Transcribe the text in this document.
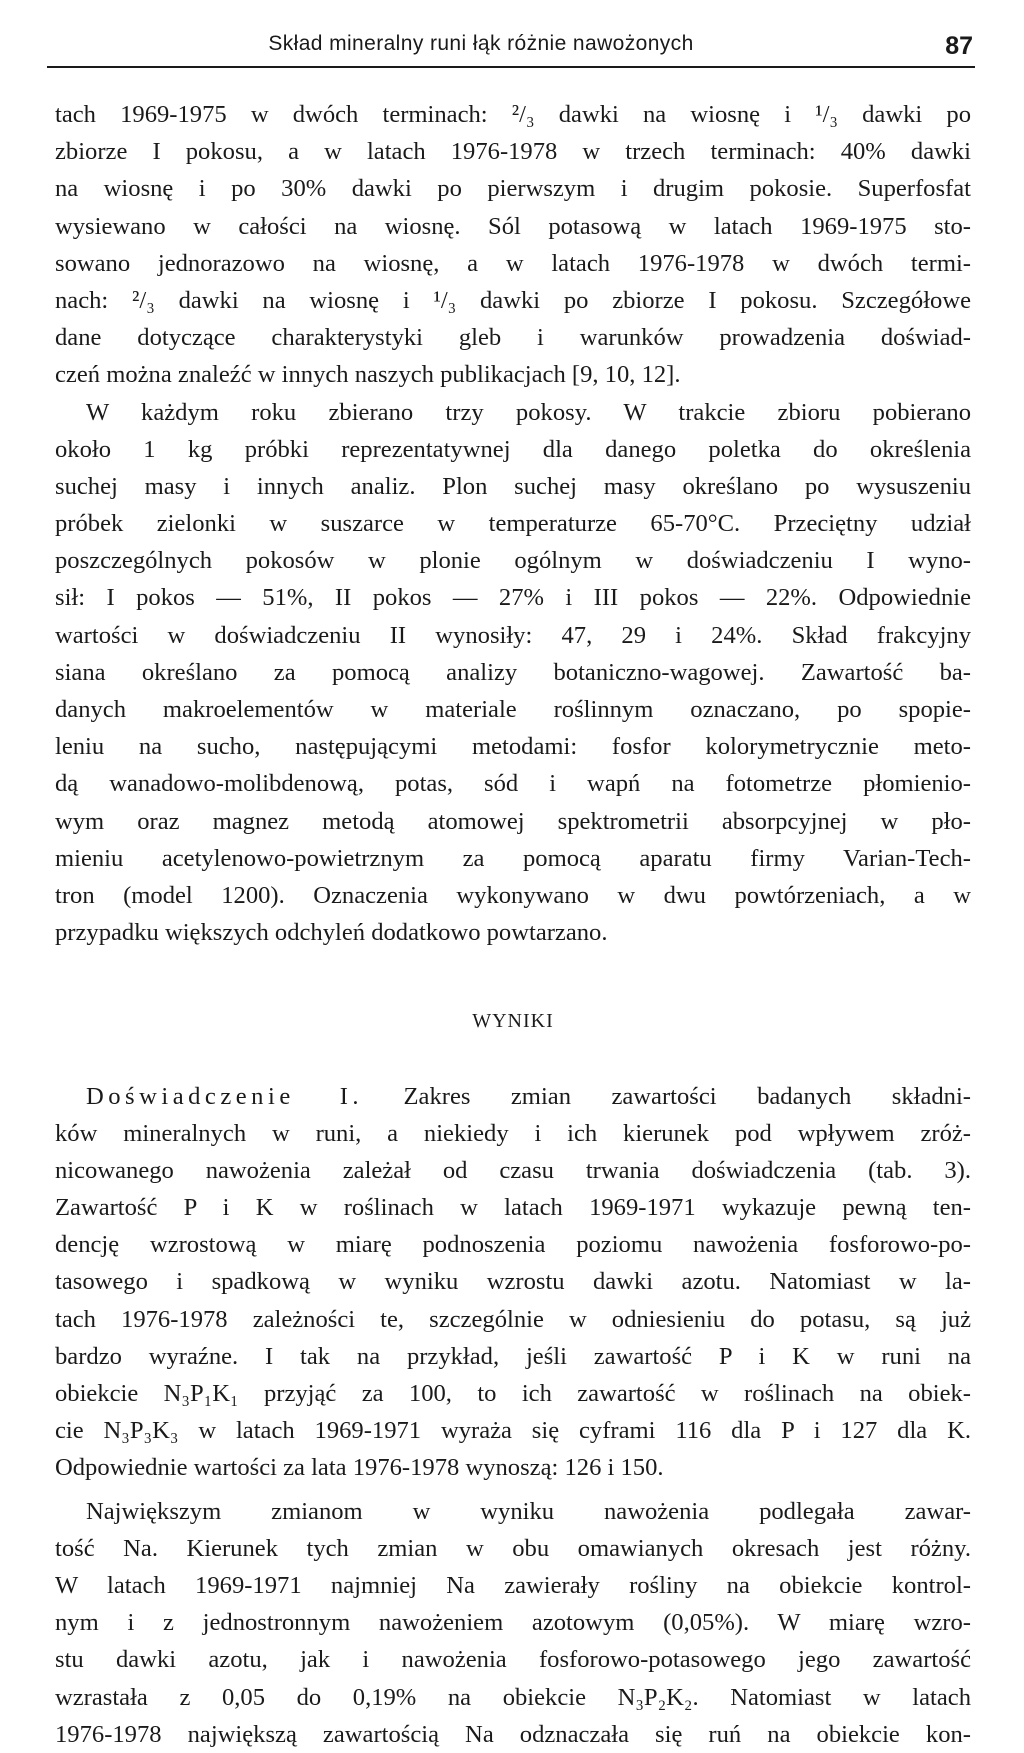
Skład mineralny runi łąk różnie nawożonych	87
tach 1969-1975 w dwóch terminach: ²/₃ dawki na wiosnę i ¹/₃ dawki po
zbiorze I pokosu, a w latach 1976-1978 w trzech terminach: 40% dawki
na wiosnę i po 30% dawki po pierwszym i drugim pokosie. Superfosfat
wysiewano w całości na wiosnę. Sól potasową w latach 1969-1975 sto-
sowano jednorazowo na wiosnę, a w latach 1976-1978 w dwóch termi-
nach: ²/₃ dawki na wiosnę i ¹/₃ dawki po zbiorze I pokosu. Szczegółowe
dane dotyczące charakterystyki gleb i warunków prowadzenia doświad-
czeń można znaleźć w innych naszych publikacjach [9, 10, 12].
W każdym roku zbierano trzy pokosy. W trakcie zbioru pobierano
około 1 kg próbki reprezentatywnej dla danego poletka do określenia
suchej masy i innych analiz. Plon suchej masy określano po wysuszeniu
próbek zielonki w suszarce w temperaturze 65-70°C. Przeciętny udział
poszczególnych pokosów w plonie ogólnym w doświadczeniu I wyno-
sił: I pokos — 51%, II pokos — 27% i III pokos — 22%. Odpowiednie
wartości w doświadczeniu II wynosiły: 47, 29 i 24%. Skład frakcyjny
siana określano za pomocą analizy botaniczno-wagowej. Zawartość ba-
danych makroelementów w materiale roślinnym oznaczano, po spopie-
leniu na sucho, następującymi metodami: fosfor kolorymetrycznie meto-
dą wanadowo-molibdenową, potas, sód i wapń na fotometrze płomienio-
wym oraz magnez metodą atomowej spektrometrii absorpcyjnej w pło-
mieniu acetylenowo-powietrznym za pomocą aparatu firmy Varian-Tech-
tron (model 1200). Oznaczenia wykonywano w dwu powtórzeniach, a w
przypadku większych odchyleń dodatkowo powtarzano.
WYNIKI
Doświadczenie I. Zakres zmian zawartości badanych składni-
ków mineralnych w runi, a niekiedy i ich kierunek pod wpływem zróż-
nicowanego nawożenia zależał od czasu trwania doświadczenia (tab. 3).
Zawartość P i K w roślinach w latach 1969-1971 wykazuje pewną ten-
dencję wzrostową w miarę podnoszenia poziomu nawożenia fosforowo-po-
tasowego i spadkową w wyniku wzrostu dawki azotu. Natomiast w la-
tach 1976-1978 zależności te, szczególnie w odniesieniu do potasu, są już
bardzo wyraźne. I tak na przykład, jeśli zawartość P i K w runi na
obiekcie N₃P₁K₁ przyjąć za 100, to ich zawartość w roślinach na obiek-
cie N₃P₃K₃ w latach 1969-1971 wyraża się cyframi 116 dla P i 127 dla K.
Odpowiednie wartości za lata 1976-1978 wynoszą: 126 i 150.
Największym zmianom w wyniku nawożenia podlegała zawar-
tość Na. Kierunek tych zmian w obu omawianych okresach jest różny.
W latach 1969-1971 najmniej Na zawierały rośliny na obiekcie kontrol-
nym i z jednostronnym nawożeniem azotowym (0,05%). W miarę wzro-
stu dawki azotu, jak i nawożenia fosforowo-potasowego jego zawartość
wzrastała z 0,05 do 0,19% na obiekcie N₃P₂K₂. Natomiast w latach
1976-1978 największą zawartością Na odznaczała się ruń na obiekcie kon-
